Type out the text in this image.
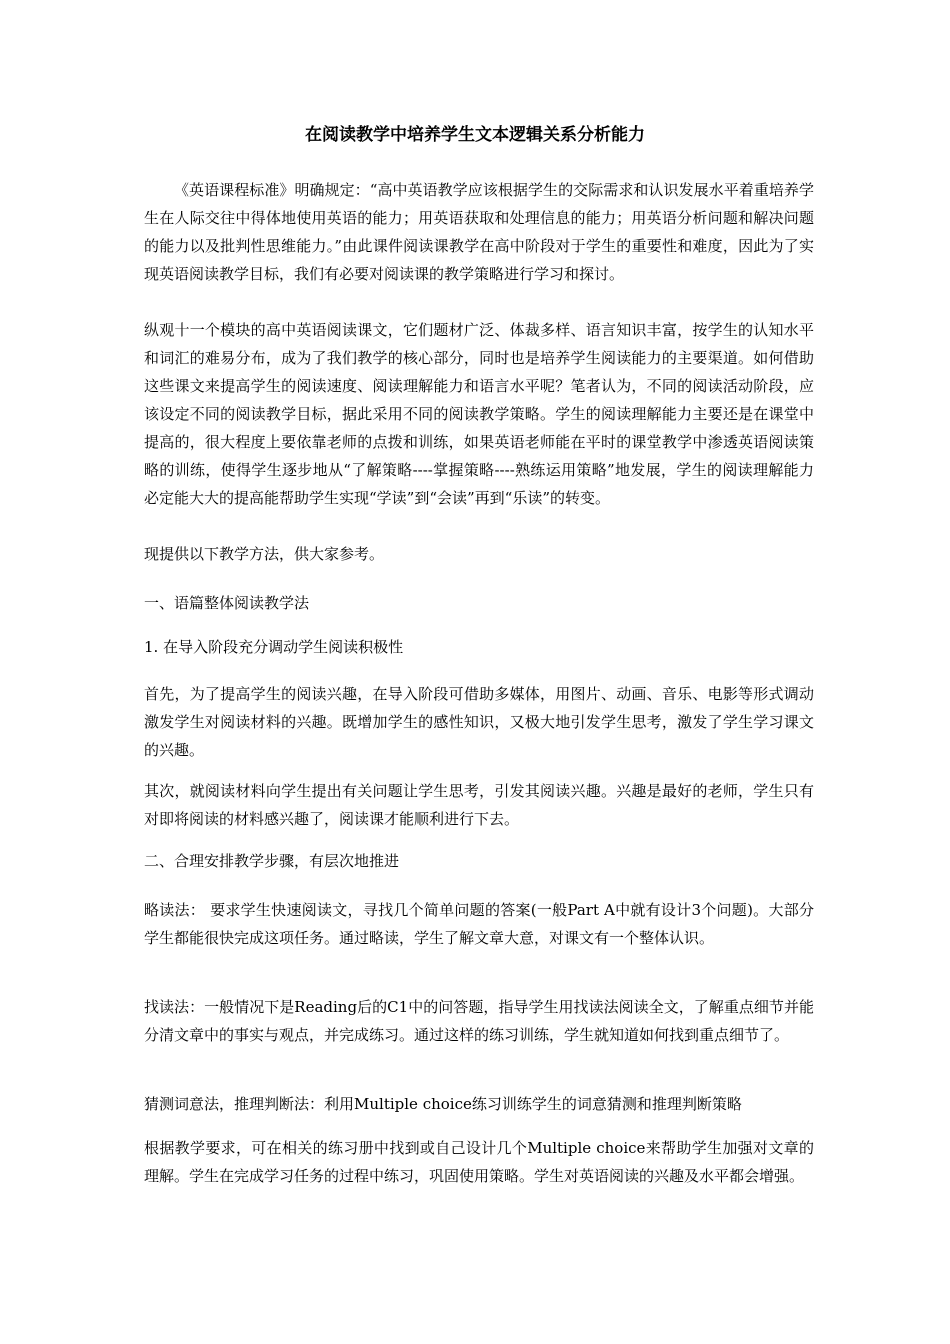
在阅读教学中培养学生文本逻辑关系分析能力

《英语课程标准》明确规定：“高中英语教学应该根据学生的交际需求和认识发展水平着重培养学生在人际交往中得体地使用英语的能力；用英语获取和处理信息的能力；用英语分析问题和解决问题的能力以及批判性思维能力。”由此课件阅读课教学在高中阶段对于学生的重要性和难度，因此为了实现英语阅读教学目标，我们有必要对阅读课的教学策略进行学习和探讨。

纵观十一个模块的高中英语阅读课文，它们题材广泛、体裁多样、语言知识丰富，按学生的认知水平和词汇的难易分布，成为了我们教学的核心部分，同时也是培养学生阅读能力的主要渠道。如何借助这些课文来提高学生的阅读速度、阅读理解能力和语言水平呢？笔者认为，不同的阅读活动阶段，应该设定不同的阅读教学目标，据此采用不同的阅读教学策略。学生的阅读理解能力主要还是在课堂中提高的，很大程度上要依靠老师的点拨和训练，如果英语老师能在平时的课堂教学中渗透英语阅读策略的训练，使得学生逐步地从“了解策略----掌握策略----熟练运用策略”地发展，学生的阅读理解能力必定能大大的提高能帮助学生实现“学读”到“会读”再到“乐读”的转变。

现提供以下教学方法，供大家参考。

一、语篇整体阅读教学法

1. 在导入阶段充分调动学生阅读积极性

首先，为了提高学生的阅读兴趣，在导入阶段可借助多媒体，用图片、动画、音乐、电影等形式调动激发学生对阅读材料的兴趣。既增加学生的感性知识，又极大地引发学生思考，激发了学生学习课文的兴趣。

其次，就阅读材料向学生提出有关问题让学生思考，引发其阅读兴趣。兴趣是最好的老师，学生只有对即将阅读的材料感兴趣了，阅读课才能顺利进行下去。

二、合理安排教学步骤，有层次地推进

略读法： 要求学生快速阅读文，寻找几个简单问题的答案(一般Part A中就有设计3个问题)。大部分学生都能很快完成这项任务。通过略读，学生了解文章大意，对课文有一个整体认识。

找读法：一般情况下是Reading后的C1中的问答题，指导学生用找读法阅读全文，了解重点细节并能分清文章中的事实与观点，并完成练习。通过这样的练习训练，学生就知道如何找到重点细节了。

猜测词意法，推理判断法：利用Multiple choice练习训练学生的词意猜测和推理判断策略

根据教学要求，可在相关的练习册中找到或自己设计几个Multiple choice来帮助学生加强对文章的理解。学生在完成学习任务的过程中练习，巩固使用策略。学生对英语阅读的兴趣及水平都会增强。
